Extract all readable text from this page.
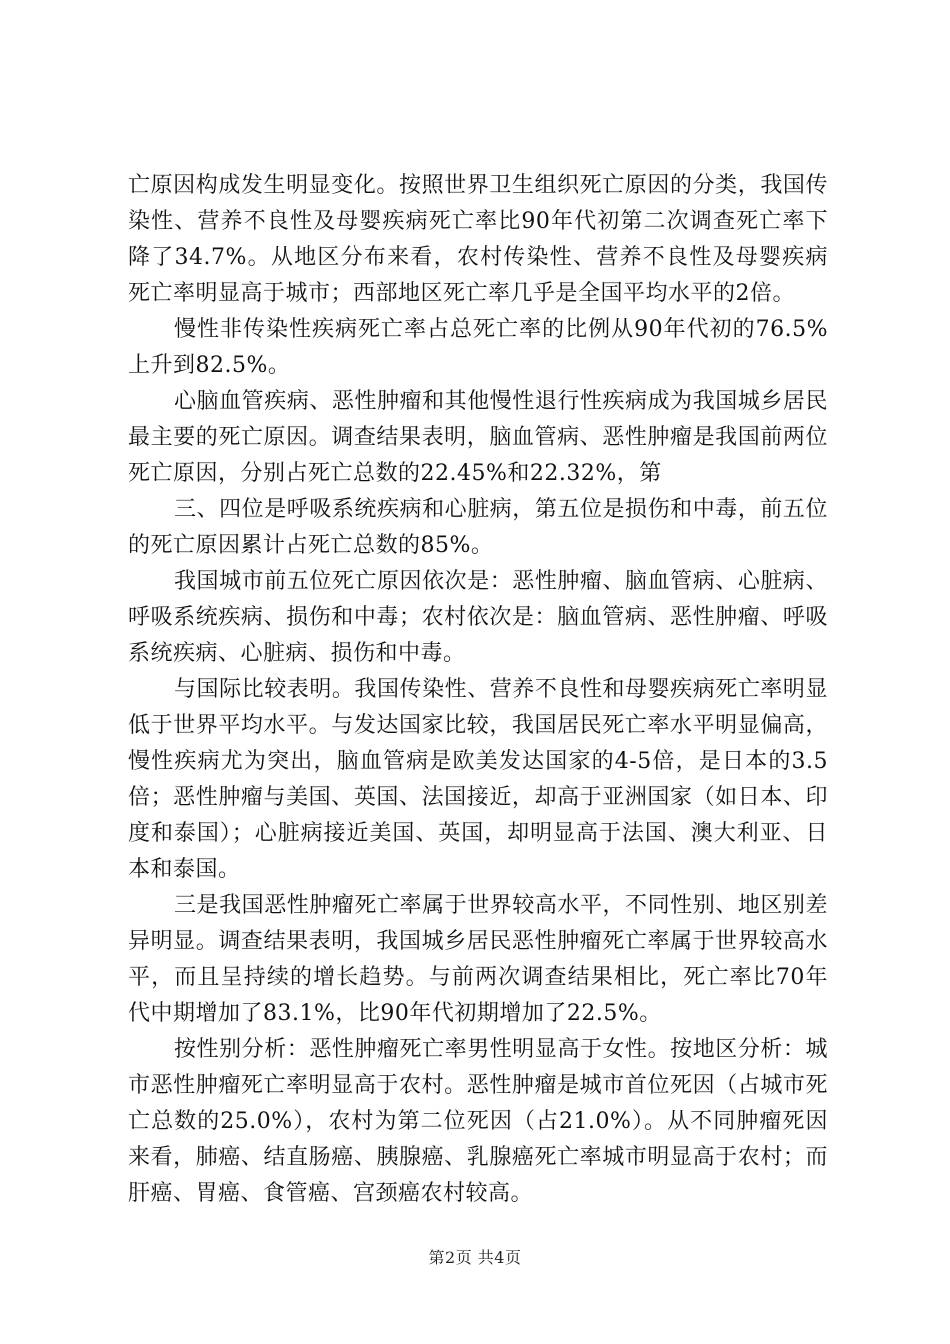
亡原因构成发生明显变化。按照世界卫生组织死亡原因的分类，我国传染性、营养不良性及母婴疾病死亡率比90年代初第二次调查死亡率下降了34.7%。从地区分布来看，农村传染性、营养不良性及母婴疾病死亡率明显高于城市；西部地区死亡率几乎是全国平均水平的2倍。

慢性非传染性疾病死亡率占总死亡率的比例从90年代初的76.5%上升到82.5%。

心脑血管疾病、恶性肿瘤和其他慢性退行性疾病成为我国城乡居民最主要的死亡原因。调查结果表明，脑血管病、恶性肿瘤是我国前两位死亡原因，分别占死亡总数的22.45%和22.32%，第

三、四位是呼吸系统疾病和心脏病，第五位是损伤和中毒，前五位的死亡原因累计占死亡总数的85%。

我国城市前五位死亡原因依次是：恶性肿瘤、脑血管病、心脏病、呼吸系统疾病、损伤和中毒；农村依次是：脑血管病、恶性肿瘤、呼吸系统疾病、心脏病、损伤和中毒。

与国际比较表明。我国传染性、营养不良性和母婴疾病死亡率明显低于世界平均水平。与发达国家比较，我国居民死亡率水平明显偏高，慢性疾病尤为突出，脑血管病是欧美发达国家的4-5倍，是日本的3.5倍；恶性肿瘤与美国、英国、法国接近，却高于亚洲国家（如日本、印度和泰国）；心脏病接近美国、英国，却明显高于法国、澳大利亚、日本和泰国。

三是我国恶性肿瘤死亡率属于世界较高水平，不同性别、地区别差异明显。调查结果表明，我国城乡居民恶性肿瘤死亡率属于世界较高水平，而且呈持续的增长趋势。与前两次调查结果相比，死亡率比70年代中期增加了83.1%，比90年代初期增加了22.5%。

按性别分析：恶性肿瘤死亡率男性明显高于女性。按地区分析：城市恶性肿瘤死亡率明显高于农村。恶性肿瘤是城市首位死因（占城市死亡总数的25.0%），农村为第二位死因（占21.0%）。从不同肿瘤死因来看，肺癌、结直肠癌、胰腺癌、乳腺癌死亡率城市明显高于农村；而肝癌、胃癌、食管癌、宫颈癌农村较高。

第2页 共4页
